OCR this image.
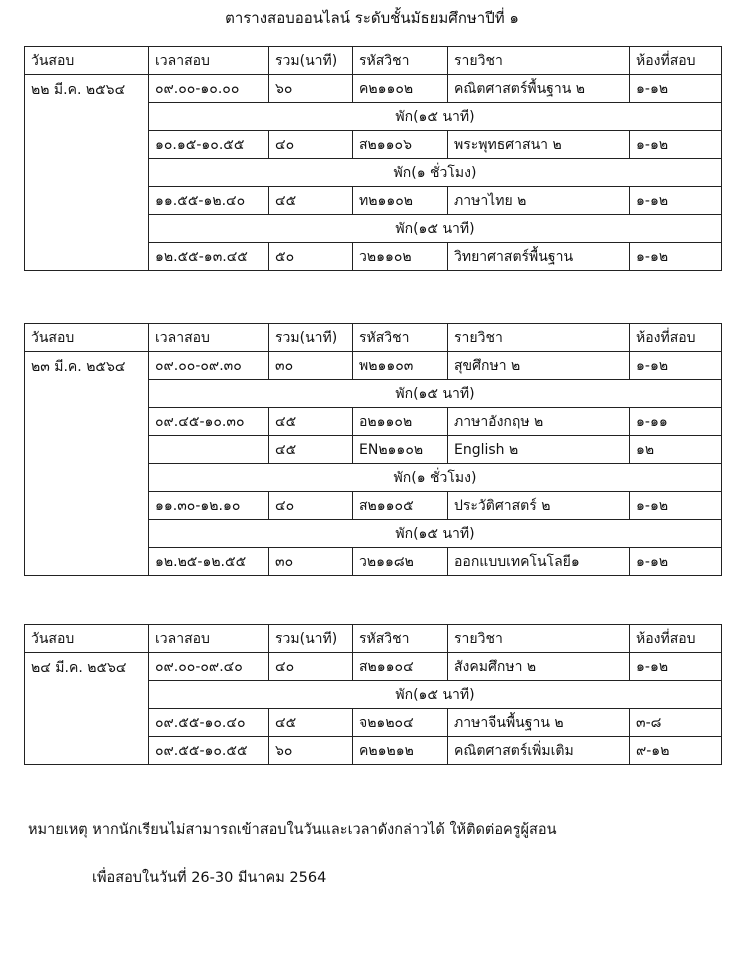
ตารางสอบออนไลน์ ระดับชั้นมัธยมศึกษาปีที่ ๑
วันสอบ	เวลาสอบ	รวม(นาที)	รหัสวิชา	รายวิชา	ห้องที่สอบ
๒๒ มี.ค. ๒๕๖๔	๐๙.๐๐-๑๐.๐๐	๖๐	ค๒๑๑๐๒	คณิตศาสตร์พื้นฐาน ๒	๑-๑๒
	พัก(๑๕ นาที)				
	๑๐.๑๕-๑๐.๕๕	๔๐	ส๒๑๑๐๖	พระพุทธศาสนา ๒	๑-๑๒
	พัก(๑ ชั่วโมง)				
	๑๑.๕๕-๑๒.๔๐	๔๕	ท๒๑๑๐๒	ภาษาไทย ๒	๑-๑๒
	พัก(๑๕ นาที)				
	๑๒.๕๕-๑๓.๔๕	๕๐	ว๒๑๑๐๒	วิทยาศาสตร์พื้นฐาน	๑-๑๒
วันสอบ	เวลาสอบ	รวม(นาที)	รหัสวิชา	รายวิชา	ห้องที่สอบ
๒๓ มี.ค. ๒๕๖๔	๐๙.๐๐-๐๙.๓๐	๓๐	พ๒๑๑๐๓	สุขศึกษา ๒	๑-๑๒
	พัก(๑๕ นาที)				
	๐๙.๔๕-๑๐.๓๐	๔๕	อ๒๑๑๐๒	ภาษาอังกฤษ ๒	๑-๑๑
		๔๕	EN๒๑๑๐๒	English ๒	๑๒
	พัก(๑ ชั่วโมง)				
	๑๑.๓๐-๑๒.๑๐	๔๐	ส๒๑๑๐๕	ประวัติศาสตร์ ๒	๑-๑๒
	พัก(๑๕ นาที)				
	๑๒.๒๕-๑๒.๕๕	๓๐	ว๒๑๑๘๒	ออกแบบเทคโนโลยี๑	๑-๑๒
วันสอบ	เวลาสอบ	รวม(นาที)	รหัสวิชา	รายวิชา	ห้องที่สอบ
๒๔ มี.ค. ๒๕๖๔	๐๙.๐๐-๐๙.๔๐	๔๐	ส๒๑๑๐๔	สังคมศึกษา ๒	๑-๑๒
	พัก(๑๕ นาที)				
	๐๙.๕๕-๑๐.๔๐	๔๕	จ๒๑๒๐๔	ภาษาจีนพื้นฐาน ๒	๓-๘
	๐๙.๕๕-๑๐.๕๕	๖๐	ค๒๑๒๑๒	คณิตศาสตร์เพิ่มเติม	๙-๑๒
หมายเหตุ หากนักเรียนไม่สามารถเข้าสอบในวันและเวลาดังกล่าวได้ ให้ติดต่อครูผู้สอน
เพื่อสอบในวันที่ 26-30 มีนาคม 2564
